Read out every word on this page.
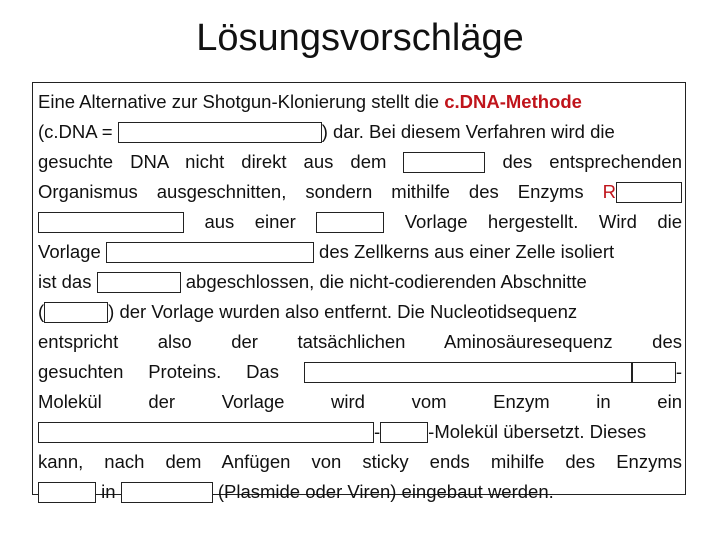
Lösungsvorschläge
Eine Alternative zur Shotgun-Klonierung stellt die c.DNA-Methode
(c.DNA =	) dar. Bei diesem Verfahren wird die
gesuchte DNA nicht direkt aus dem	des entsprechenden
Organismus ausgeschnitten, sondern mithilfe des Enzyms R
aus einer	Vorlage hergestellt. Wird die
Vorlage	des Zellkerns aus einer Zelle isoliert
ist das	abgeschlossen, die nicht-codierenden Abschnitte
(	) der Vorlage wurden also entfernt. Die Nucleotidsequenz
entspricht also der tatsächlichen Aminosäuresequenz des
gesuchten Proteins. Das	-
Molekül der Vorlage wird vom Enzym in ein
-	-Molekül übersetzt. Dieses
kann, nach dem Anfügen von sticky ends mihilfe des Enzyms
in	(Plasmide oder Viren) eingebaut werden.
